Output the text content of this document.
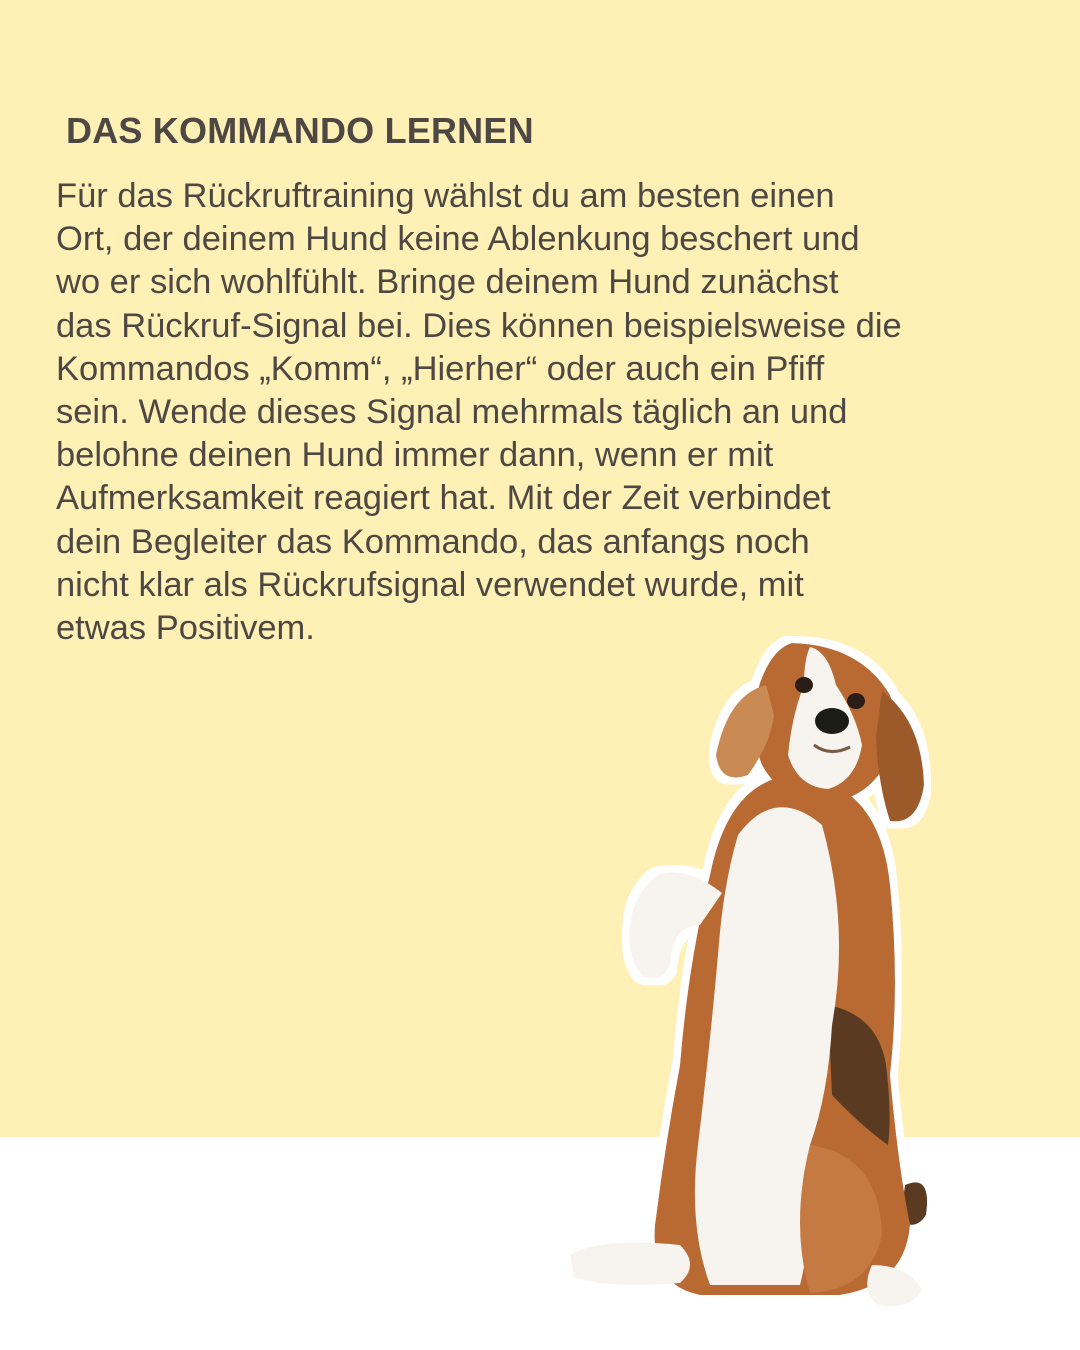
DAS KOMMANDO LERNEN

Für das Rückruftraining wählst du am besten einen
Ort, der deinem Hund keine Ablenkung beschert und
wo er sich wohlfühlt. Bringe deinem Hund zunächst
das Rückruf-Signal bei. Dies können beispielsweise die
Kommandos „Komm“, „Hierher“ oder auch ein Pfiff
sein. Wende dieses Signal mehrmals täglich an und
belohne deinen Hund immer dann, wenn er mit
Aufmerksamkeit reagiert hat. Mit der Zeit verbindet
dein Begleiter das Kommando, das anfangs noch
nicht klar als Rückrufsignal verwendet wurde, mit
etwas Positivem.
